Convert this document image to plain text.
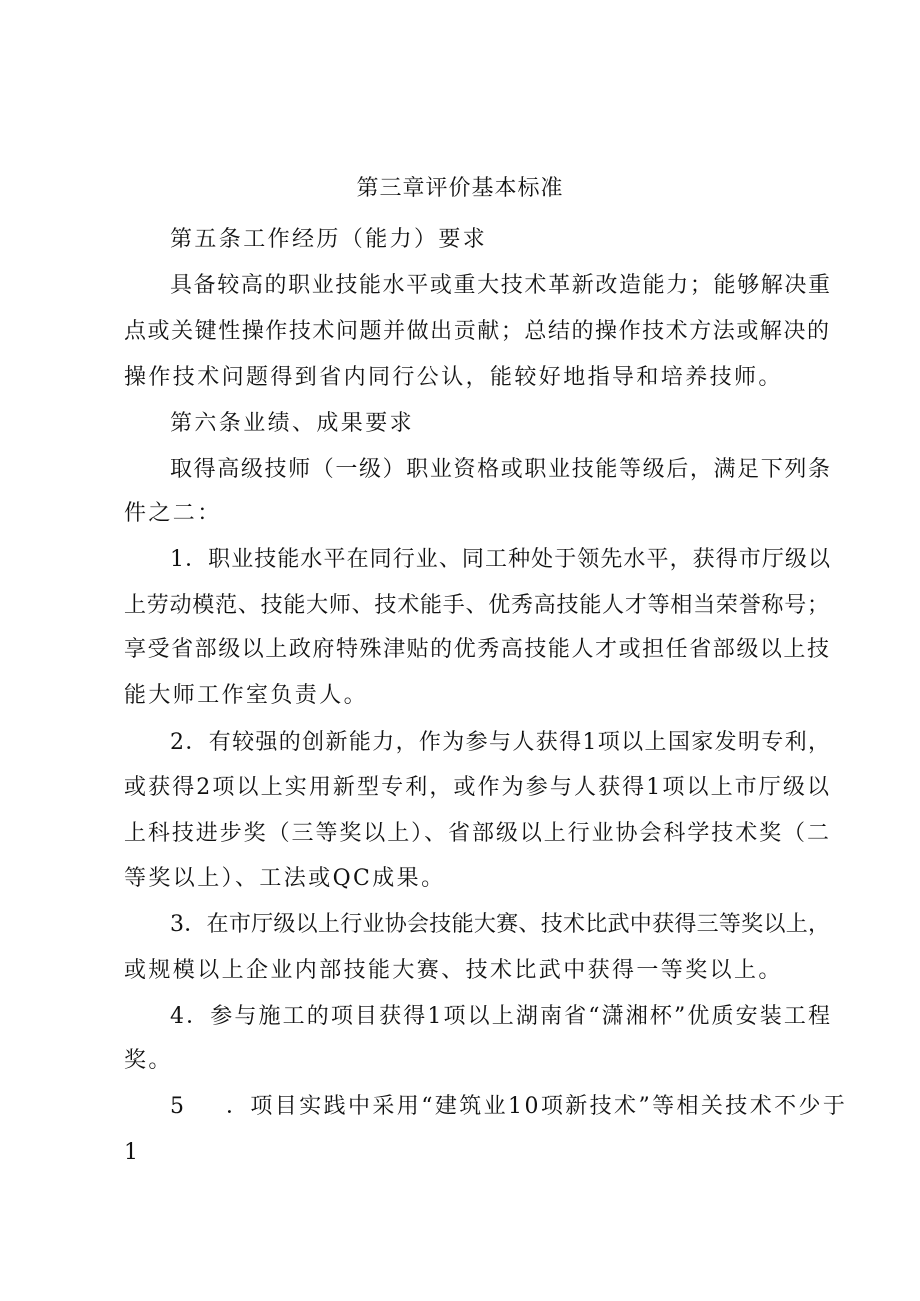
第三章评价基本标准
第五条工作经历（能力）要求
具备较高的职业技能水平或重大技术革新改造能力；能够解决重
点或关键性操作技术问题并做出贡献；总结的操作技术方法或解决的
操作技术问题得到省内同行公认，能较好地指导和培养技师。
第六条业绩、成果要求
取得高级技师（一级）职业资格或职业技能等级后，满足下列条
件之二：
1．职业技能水平在同行业、同工种处于领先水平，获得市厅级以
上劳动模范、技能大师、技术能手、优秀高技能人才等相当荣誉称号；
享受省部级以上政府特殊津贴的优秀高技能人才或担任省部级以上技
能大师工作室负责人。
2．有较强的创新能力，作为参与人获得1项以上国家发明专利，
或获得2项以上实用新型专利，或作为参与人获得1项以上市厅级以
上科技进步奖（三等奖以上）、省部级以上行业协会科学技术奖（二
等奖以上）、工法或QC成果。
3．在市厅级以上行业协会技能大赛、技术比武中获得三等奖以上，
或规模以上企业内部技能大赛、技术比武中获得一等奖以上。
4．参与施工的项目获得1项以上湖南省“潇湘杯”优质安装工程
奖。
5	．项目实践中采用“建筑业10项新技术”等相关技术不少于
1
